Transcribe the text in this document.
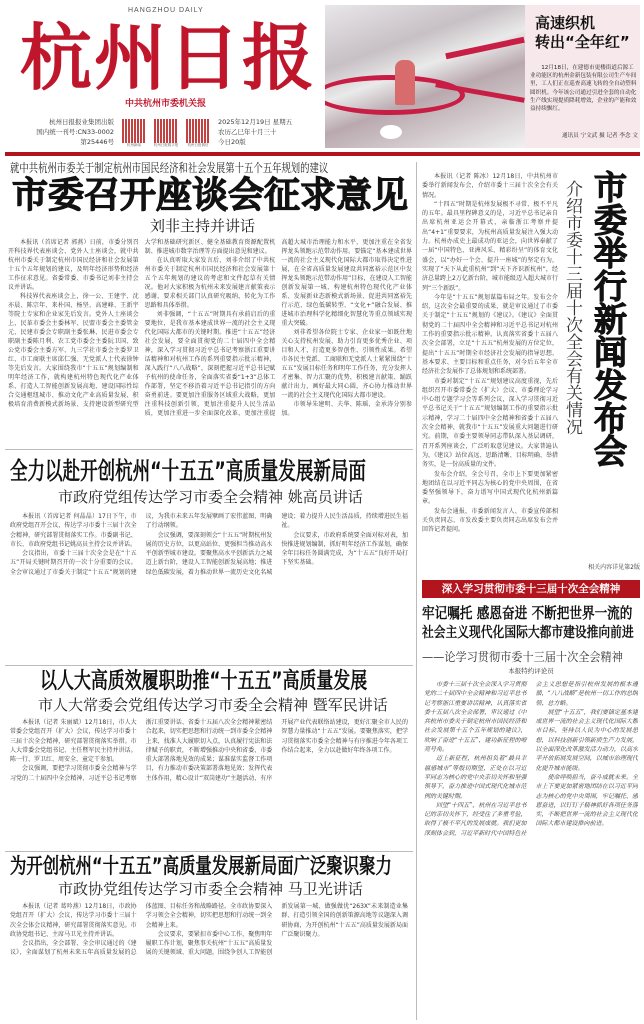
HANGZHOU DAILY
杭州日报
中共杭州市委机关报
杭州日报报业集团出版
国内统一刊号:CN33-0002
第25446号	杭州新闻	杭州日报数字报	杭州日报微信
2025年12月19日 星期五
农历乙巳年十月三十
今日20版
高速织机
转出“全年红”
12月18日，在建德市更楼街道后源工业功能区的杭州金新包装有限公司生产车间里，工人们正在巡查高速飞转的全自动塑料圆织机。今年该公司通过引进全套的自动化生产线实现提质降耗增效，企业的产能和效益持续飘红。
通讯员 宁文武 摄 记者 李念 文
就中共杭州市委关于制定杭州市国民经济和社会发展第十五个五年规划的建议
市委召开座谈会征求意见
刘非主持并讲话

本报讯（首席记者 郭燕）日前，市委分别召开科技界代表座谈会、党外人士座谈会，就中共杭州市委关于制定杭州市国民经济和社会发展第十五个五年规划的建议，及明年经济形势和经济工作征求意见。省委常委、市委书记刘非主持会议并讲话。

科技界代表座谈会上，徐一公、王建宇、沈亦晨、陈宗年、来朴国、杨坚、高建峰、王新宇等院士专家和企业家先后发言。党外人士座谈会上，民革市委会主委林军、民盟市委会主委管金元、民建市委会专职副主委张琳、民进市委会专职副主委陈月利、农工党市委会主委阮卫国、致公党市委会主委方军、九三学社市委会主委罗卫红、市工商联主席邱仁强、无党派人士代表徐钟等先后发言。大家围绕我市“十五五”规划编制和明年经济工作，就构建杭州特色现代化产业体系、打造人工智能创新发展高地、建设国际性综合交通枢纽城市、推动文化产业高质量发展、积极培育消费新模式新场景、支持建设新型研究型大学和基础研究新区、健全基础教育资源配置机制、推进城市数字治理等方面提出意见和建议。

在认真听取大家发言后，刘非介绍了中共杭州市委关于制定杭州市国民经济和社会发展第十五个五年规划的建议的考虑和文件起草有关情况。他对大家积极为杭州未来发展建言献策表示感谢，要求相关部门认真研究吸纳，转化为工作思路和具体举措。

刘非强调，“十五五”时期具有承前启后的重要地位，是我市基本建成世界一流的社会主义现代化国际大都市的关键时期。推进“十五五”经济社会发展，要全面贯彻党的二十届四中全会精神，深入学习贯彻习近平总书记考察浙江重要讲话精神和对杭州工作的系列重要指示批示精神，深入践行“八八战略”，深刻把握习近平总书记赋予杭州的使命任务，全面落实省委“1+3”总体工作部署，坚定不移沿着习近平总书记指引的方向奋勇前进。要更加注重服务区域重大战略，更加注重科技创新引领，更加注重提升人民生活品质，更加注重进一步全面深化改革，更加注重提高超大城市治理能力和水平，更加注重在全省发挥龙头领跑示范带动作用。要锚定“基本建成世界一流的社会主义现代化国际大都市取得决定性进展，在全省高质量发展建设共同富裕示范区中发挥龙头领跑示范带动作用”目标，在建设人工智能创新发展第一城、构建杭州特色现代化产业体系、发展新业态新模式新场景、促进共同富裕先行示范、绿色低碳转型、“文化+”融合发展、推进城市治理科学化精细化智慧化等重点领域实现重大突破。

刘非希望各位院士专家、企业家一如既往地关心支持杭州发展，助力引育更多优秀企业、项目和人才，打造更多智创性、引领性成果。希望市各民主党派、工商联和无党派人士紧紧围绕“十五五”发展目标任务和明年工作任务，充分发挥人才密集、智力汇聚的优势，积极建言献策、踊跃献计出力，画好最大同心圆，齐心协力推动世界一流的社会主义现代化国际大都市建设。

市领导朱建明、夫华、陈瑶、金承涛分别参加。	市委举行新闻发布会
介绍市委十三届十次全会有关情况

本报讯（记者 陈冰）12月18日，中共杭州市委举行新闻发布会，介绍市委十三届十次全会有关情况。

“十四五”时期是杭州发展极不寻常、极不平凡的五年。最具里程碑意义的是，习近平总书记亲自出席杭州亚运会开幕式，亲临浙江考察并提出“4+1”重要要求，为杭州高质量发展注入强大动力。杭州办成史上最成功的亚运会，向世界奉献了一届“中国特色、亚洲风采、精彩纷呈”的体育文化盛会，以“办好一个会、提升一座城”的坚定有为，实现了“天下从此重杭州”到“天下齐识新杭州”，经济总量跨上2万亿新台阶，城市能级迈入超大城市行列“三个新跃”。

今年是“十五五”规划谋篇布局之年。发布会介绍，这次全会最重要的成果，就是审议通过了市委关于制定“十五五”规划的《建议》。《建议》全面贯彻党的二十届四中全会精神和习近平总书记对杭州工作的重要指示批示精神，认真落实省委十五届八次全会部署，立足“十五五”杭州发展的方位定位，提出“十五五”时期全市经济社会发展的指导思想、基本要求、主要目标和重点任务，对今后五年全市经济社会发展作了总体规划和系统部署。

市委对制定“十五五”规划建议高度重视，先后组织召开市委常委会（扩大）会议、市委理论学习中心组专题学习会等系列会议，深入学习贯彻习近平总书记关于“十五五”规划编制工作的重要指示批示精神，学习二十届四中全会精神和省委十五届八次全会精神，就我市“十五五”发展重大问题进行研究。前期，市委主要领导同志带队深入基层调研，召开系列座谈会，广泛听取意见建议。大家普遍认为，《建议》站位高远、思路清晰、目标明确、举措务实，是一份高质量的文件。

发布会介绍，全会号召，全市上下要更加紧密地团结在以习近平同志为核心的党中央周围，在省委坚强领导下，奋力谱写中国式现代化杭州新篇章。

发布会通报，市委新闻发言人、市委宣传部相关负责同志、市发改委主要负责同志出席发布会并回答记者提问。

相关内容详见第2版
全力以赴开创杭州“十五五”高质量发展新局面
市政府党组传达学习市委全会精神 姚高员讲话

本报讯（首席记者 何晶晶）17日下午，市政府党组召开会议，传达学习市委十三届十次全会精神，研究部署贯彻落实工作。市委副书记、市长、市政府党组书记姚高员主持会议并讲话。

会议指出，市委十三届十次全会是在“十五五”开局关键时期召开的一次十分重要的会议。全会审议通过了市委关于制定“十五五”规划的建议，为我市未来五年发展擘画了宏伟蓝图、明确了行动纲领。

会议强调，要深刻领会“十五五”时期杭州发展的历史方位，以更高站位、更强担当推动高水平创新型城市建设。要聚焦高水平创新活力之城迈上新台阶，建设人工智能创新发展高地；推进绿色低碳发展，着力推动世界一流历史文化名城建设；着力提升人民生活品质，持续增进民生福祉。

会议要求，市政府系统要全面对标对表，加快推进规划编制，抓好明年经济工作谋划，确保全年目标任务圆满完成，为“十五五”良好开局打下坚实基础。

以人大高质效履职助推“十五五”高质量发展
市人大常委会党组传达学习市委全会精神 暨军民讲话

本报讯（记者 朱丽斌）12月18日，市人大常委会党组召开（扩大）会议，传达学习市委十三届十次全会精神，研究部署贯彻落实举措。市人大常委会党组书记、主任暨军民主持并讲话。陈一行、罗卫红、周安全、童定干参加。

会议强调，要把学习贯彻市委全会精神与学习党的二十届四中全会精神、习近平总书记考察浙江重要讲话、省委十五届八次全会精神紧密结合起来，切实把思想和行动统一到市委全会精神上来，找准人大履职切入点，认真履行宪法和法律赋予的职责，不断增强推动中央和省委、市委重大部署落地见效的成果；谋准谋实监督工作项目，有力推动市委决策部署落地见效；发挥代表主体作用，精心设计“双岗建功”主题活动，有序开展产业代表联络站建设，更好汇聚全市人民的智慧力量推动“十五五”发展。要聚焦落实，把学习贯彻落实市委全会精神与有序推进今年各项工作结合起来，全力以赴做好年终各项工作。

为开创杭州“十五五”高质量发展新局面广泛聚识聚力
市政协党组传达学习市委全会精神 马卫光讲话

本报讯（记者 葛吟燕）12月18日，市政协党组召开（扩大）会议，传达学习市委十三届十次全会体会议精神，研究部署贯彻落实意见。市政协党组书记、主席马卫光主持并讲话。

会议指出，全会部署、全会审议通过的《建议》，全面谋划了杭州未来五年高质量发展的总体蓝图、目标任务和战略路径。全市政协要深入学习领会全会精神，切实把思想和行动统一到全会精神上来。

会议要求，要紧扣市委中心工作，聚焦明年履职工作计划，聚焦事关杭州“十五五”高质量发展的关键领域、重大问题，围绕争创人工智能创新发展第一城、做强做优“263X”未来制造业集群、打造引领全国的创新策源高地等议题深入调研协商，为开创杭州“十五五”高质量发展新局面广泛聚识聚力。

深入学习贯彻市委十三届十次全会精神
牢记嘱托 感恩奋进 不断把世界一流的
社会主义现代化国际大都市建设推向前进
——论学习贯彻市委十三届十次全会精神
本报特约评论员

市委十三届十次全会深入学习贯彻党的二十届四中全会精神和习近平总书记考察浙江重要讲话精神，认真落实省委十五届八次全会部署，审议通过《中共杭州市委关于制定杭州市国民经济和社会发展第十五个五年规划的建议》，吹响了奋进“十五五”、建功新征程的嘹亮号角。

迈上新征程，杭州担负着“最具幸福感城市”等殷切期望，正处在以习近平同志为核心的党中央亲切关怀和坚强领导下，奋力推进中国式现代化城市范例的关键时期。

回望“十四五”，杭州在习近平总书记的亲切关怀下，经受住了多重考验，取得了极不平凡的发展成就。我们更加深刻体会到，习近平新时代中国特色社会主义思想是指引杭州发展的根本遵循，“八八战略”是杭州一切工作的总纲领、总方略。

展望“十五五”，我们要锚定基本建成世界一流的社会主义现代化国际大都市目标，坚持以人民为中心的发展思想，以科技创新引领新质生产力发展，以全面深化改革激发活力动力，以高水平开放拓展发展空间，以城市治理现代化提升城市能级。

使命呼唤担当，奋斗成就未来。全市上下要更加紧密地团结在以习近平同志为核心的党中央周围，牢记嘱托、感恩奋进，以钉钉子精神抓好各项任务落实，不断把世界一流的社会主义现代化国际大都市建设推向前进。
